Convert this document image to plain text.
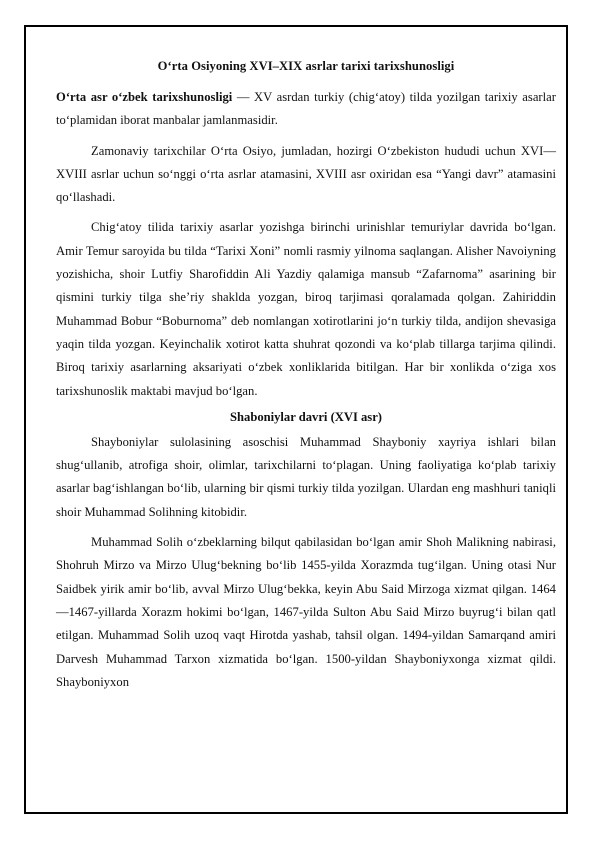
O‘rta Osiyoning XVI–XIX asrlar tarixi tarixshunosligi

O‘rta asr o‘zbek tarixshunosligi — XV asrdan turkiy (chig‘atoy) tilda yozilgan tarixiy asarlar to‘plamidan iborat manbalar jamlanmasidir.

Zamonaviy tarixchilar O‘rta Osiyo, jumladan, hozirgi O‘zbekiston hududi uchun XVI—XVIII asrlar uchun so‘nggi o‘rta asrlar atamasini, XVIII asr oxiridan esa “Yangi davr” atamasini qo‘llashadi.

Chig‘atoy tilida tarixiy asarlar yozishga birinchi urinishlar temuriylar davrida bo‘lgan. Amir Temur saroyida bu tilda “Tarixi Xoni” nomli rasmiy yilnoma saqlangan. Alisher Navoiyning yozishicha, shoir Lutfiy Sharofiddin Ali Yazdiy qalamiga mansub “Zafarnoma” asarining bir qismini turkiy tilga she’riy shaklda yozgan, biroq tarjimasi qoralamada qolgan. Zahiriddin Muhammad Bobur “Boburnoma” deb nomlangan xotirotlarini jo‘n turkiy tilda, andijon shevasiga yaqin tilda yozgan. Keyinchalik xotirot katta shuhrat qozondi va ko‘plab tillarga tarjima qilindi. Biroq tarixiy asarlarning aksariyati o‘zbek xonliklarida bitilgan. Har bir xonlikda o‘ziga xos tarixshunoslik maktabi mavjud bo‘lgan.

Shaboniylar davri (XVI asr)

Shayboniylar sulolasining asoschisi Muhammad Shayboniy xayriya ishlari bilan shug‘ullanib, atrofiga shoir, olimlar, tarixchilarni to‘plagan. Uning faoliyatiga ko‘plab tarixiy asarlar bag‘ishlangan bo‘lib, ularning bir qismi turkiy tilda yozilgan. Ulardan eng mashhuri taniqli shoir Muhammad Solihning kitobidir.

Muhammad Solih o‘zbeklarning bilqut qabilasidan bo‘lgan amir Shoh Malikning nabirasi, Shohruh Mirzo va Mirzo Ulug‘bekning bo‘lib 1455-yilda Xorazmda tug‘ilgan. Uning otasi Nur Saidbek yirik amir bo‘lib, avval Mirzo Ulug‘bekka, keyin Abu Said Mirzoga xizmat qilgan. 1464—1467-yillarda Xorazm hokimi bo‘lgan, 1467-yilda Sulton Abu Said Mirzo buyrug‘i bilan qatl etilgan. Muhammad Solih uzoq vaqt Hirotda yashab, tahsil olgan. 1494-yildan Samarqand amiri Darvesh Muhammad Tarxon xizmatida bo‘lgan. 1500-yildan Shayboniyxonga xizmat qildi. Shayboniyxon
